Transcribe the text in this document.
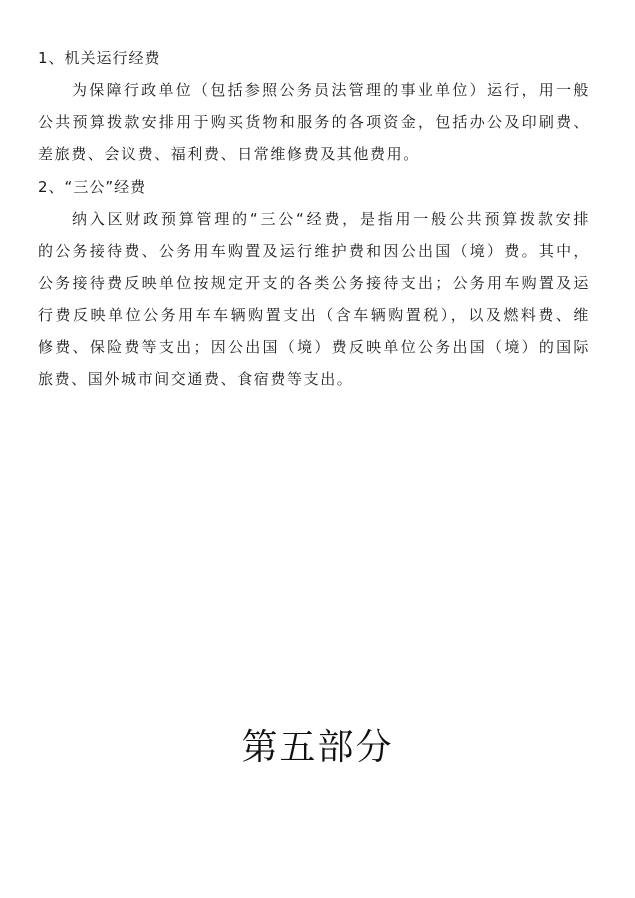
1、机关运行经费
为保障行政单位（包括参照公务员法管理的事业单位）运行，用一般
公共预算拨款安排用于购买货物和服务的各项资金，包括办公及印刷费、
差旅费、会议费、福利费、日常维修费及其他费用。
2、“三公”经费
纳入区财政预算管理的“三公“经费，是指用一般公共预算拨款安排
的公务接待费、公务用车购置及运行维护费和因公出国（境）费。其中，
公务接待费反映单位按规定开支的各类公务接待支出；公务用车购置及运
行费反映单位公务用车车辆购置支出（含车辆购置税），以及燃料费、维
修费、保险费等支出；因公出国（境）费反映单位公务出国（境）的国际
旅费、国外城市间交通费、食宿费等支出。
第五部分
